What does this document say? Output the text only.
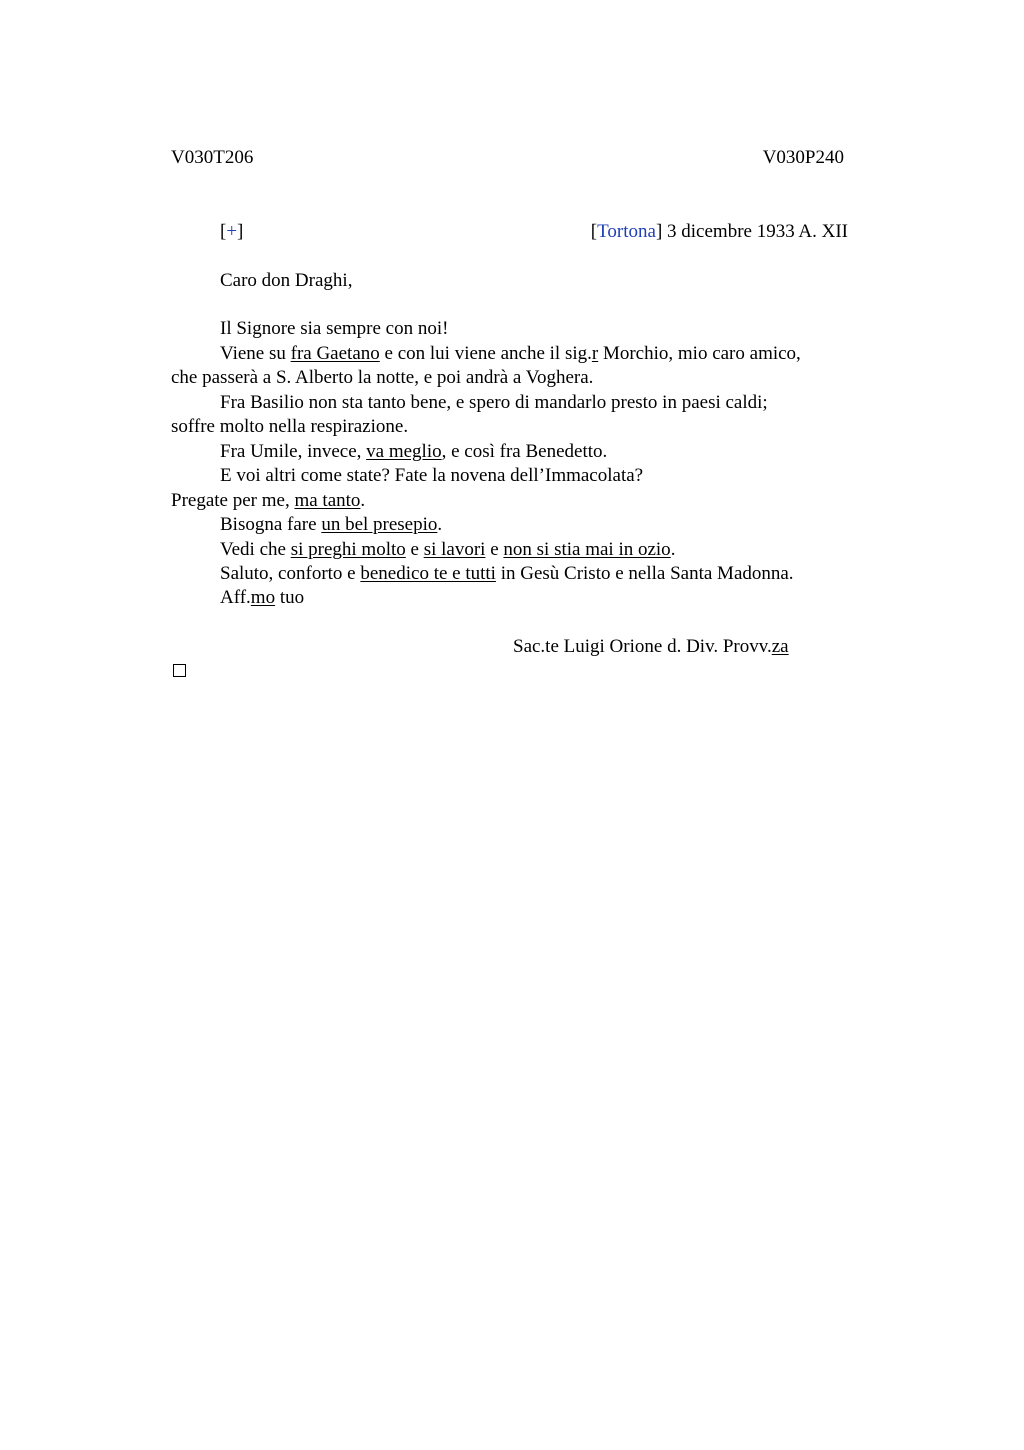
V030T206	V030P240
[+]	[Tortona] 3 dicembre 1933 A. XII
Caro don Draghi,
Il Signore sia sempre con noi!
Viene su fra Gaetano e con lui viene anche il sig.r Morchio, mio caro amico,
che passerà a S. Alberto la notte, e poi andrà a Voghera.
Fra Basilio non sta tanto bene, e spero di mandarlo presto in paesi caldi;
soffre molto nella respirazione.
Fra Umile, invece, va meglio, e così fra Benedetto.
E voi altri come state? Fate la novena dell’Immacolata?
Pregate per me, ma tanto.
Bisogna fare un bel presepio.
Vedi che si preghi molto e si lavori e non si stia mai in ozio.
Saluto, conforto e benedico te e tutti in Gesù Cristo e nella Santa Madonna.
Aff.mo tuo
Sac.te Luigi Orione d. Div. Provv.za
